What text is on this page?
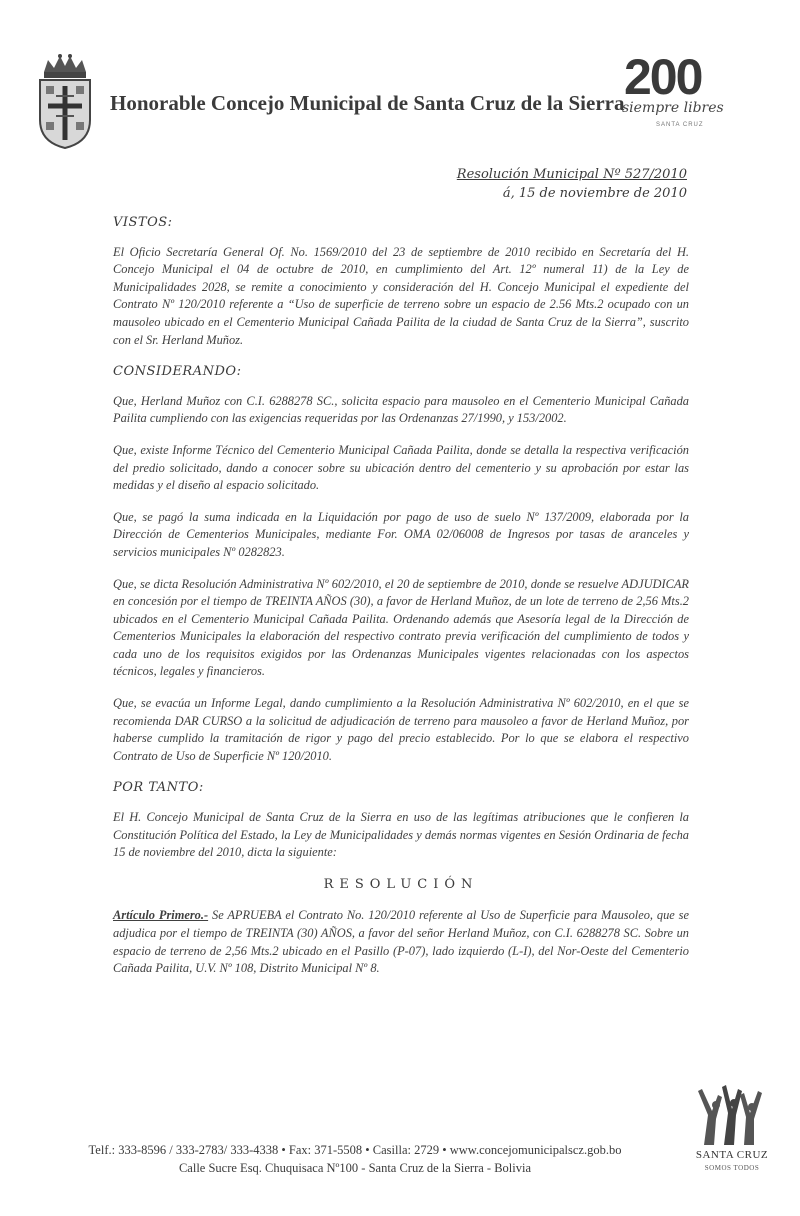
Honorable Concejo Municipal de Santa Cruz de la Sierra 200
siempre libres
SANTA CRUZ
Resolución Municipal Nº 527/2010
á, 15 de noviembre de 2010
VISTOS:

El Oficio Secretaría General Of. No. 1569/2010 del 23 de septiembre de 2010 recibido en Secretaría del H. Concejo Municipal el 04 de octubre de 2010, en cumplimiento del Art. 12º numeral 11) de la Ley de Municipalidades 2028, se remite a conocimiento y consideración del H. Concejo Municipal el expediente del Contrato Nº 120/2010 referente a “Uso de superficie de terreno sobre un espacio de 2.56 Mts.2 ocupado con un mausoleo ubicado en el Cementerio Municipal Cañada Pailita de la ciudad de Santa Cruz de la Sierra”, suscrito con el Sr. Herland Muñoz.

CONSIDERANDO:

Que, Herland Muñoz con C.I. 6288278 SC., solicita espacio para mausoleo en el Cementerio Municipal Cañada Pailita cumpliendo con las exigencias requeridas por las Ordenanzas 27/1990, y 153/2002.

Que, existe Informe Técnico del Cementerio Municipal Cañada Pailita, donde se detalla la respectiva verificación del predio solicitado, dando a conocer sobre su ubicación dentro del cementerio y su aprobación por estar las medidas y el diseño al espacio solicitado.

Que, se pagó la suma indicada en la Liquidación por pago de uso de suelo Nº 137/2009, elaborada por la Dirección de Cementerios Municipales, mediante For. OMA 02/06008 de Ingresos por tasas de aranceles y servicios municipales Nº 0282823.

Que, se dicta Resolución Administrativa Nº 602/2010, el 20 de septiembre de 2010, donde se resuelve ADJUDICAR en concesión por el tiempo de TREINTA AÑOS (30), a favor de Herland Muñoz, de un lote de terreno de 2,56 Mts.2 ubicados en el Cementerio Municipal Cañada Pailita. Ordenando además que Asesoría legal de la Dirección de Cementerios Municipales la elaboración del respectivo contrato previa verificación del cumplimiento de todos y cada uno de los requisitos exigidos por las Ordenanzas Municipales vigentes relacionadas con los aspectos técnicos, legales y financieros.

Que, se evacúa un Informe Legal, dando cumplimiento a la Resolución Administrativa Nº 602/2010, en el que se recomienda DAR CURSO a la solicitud de adjudicación de terreno para mausoleo a favor de Herland Muñoz, por haberse cumplido la tramitación de rigor y pago del precio establecido. Por lo que se elabora el respectivo Contrato de Uso de Superficie Nº 120/2010.

POR TANTO:

El H. Concejo Municipal de Santa Cruz de la Sierra en uso de las legítimas atribuciones que le confieren la Constitución Política del Estado, la Ley de Municipalidades y demás normas vigentes en Sesión Ordinaria de fecha 15 de noviembre del 2010, dicta la siguiente:

RESOLUCIÓN

Artículo Primero.- Se APRUEBA el Contrato No. 120/2010 referente al Uso de Superficie para Mausoleo, que se adjudica por el tiempo de TREINTA (30) AÑOS, a favor del señor Herland Muñoz, con C.I. 6288278 SC. Sobre un espacio de terreno de 2,56 Mts.2 ubicado en el Pasillo (P-07), lado izquierdo (L-I), del Nor-Oeste del Cementerio Cañada Pailita, U.V. Nº 108, Distrito Municipal Nº 8.

Telf.: 333-8596 / 333-2783/ 333-4338 • Fax: 371-5508 • Casilla: 2729 • www.concejomunicipalscz.gob.bo
Calle Sucre Esq. Chuquisaca Nº100 - Santa Cruz de la Sierra - Bolivia
SANTA CRUZ
SOMOS TODOS
